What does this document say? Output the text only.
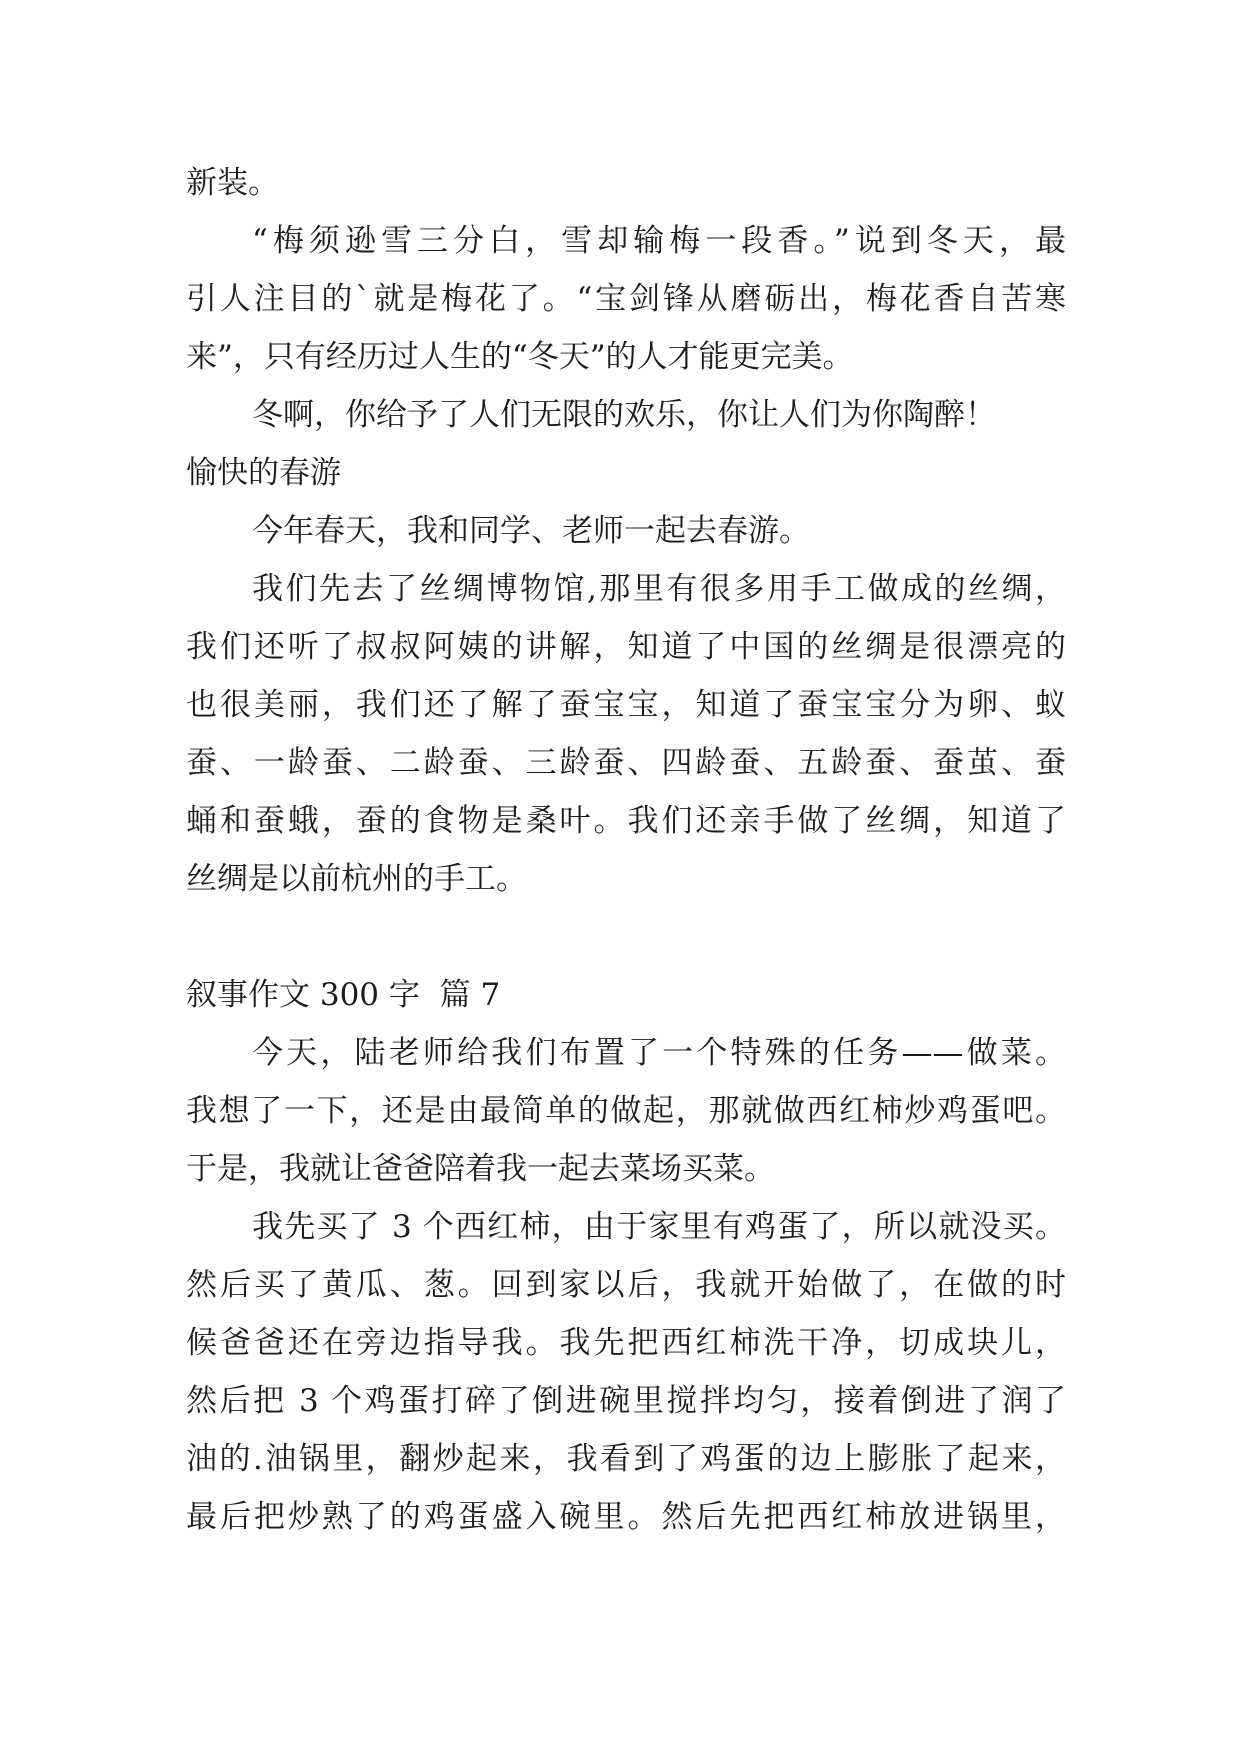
新装。
“梅须逊雪三分白，雪却输梅一段香。”说到冬天，最
引人注目的`就是梅花了。“宝剑锋从磨砺出，梅花香自苦寒
来”，只有经历过人生的“冬天”的人才能更完美。
冬啊，你给予了人们无限的欢乐，你让人们为你陶醉！
愉快的春游
今年春天，我和同学、老师一起去春游。
我们先去了丝绸博物馆,那里有很多用手工做成的丝绸，
我们还听了叔叔阿姨的讲解，知道了中国的丝绸是很漂亮的
也很美丽，我们还了解了蚕宝宝，知道了蚕宝宝分为卵、蚁
蚕、一龄蚕、二龄蚕、三龄蚕、四龄蚕、五龄蚕、蚕茧、蚕
蛹和蚕蛾，蚕的食物是桑叶。我们还亲手做了丝绸，知道了
丝绸是以前杭州的手工。
叙事作文 300 字  篇 7
今天，陆老师给我们布置了一个特殊的任务——做菜。
我想了一下，还是由最简单的做起，那就做西红柿炒鸡蛋吧。
于是，我就让爸爸陪着我一起去菜场买菜。
我先买了 3 个西红柿，由于家里有鸡蛋了，所以就没买。
然后买了黄瓜、葱。回到家以后，我就开始做了，在做的时
候爸爸还在旁边指导我。我先把西红柿洗干净，切成块儿，
然后把 3 个鸡蛋打碎了倒进碗里搅拌均匀，接着倒进了润了
油的.油锅里，翻炒起来，我看到了鸡蛋的边上膨胀了起来，
最后把炒熟了的鸡蛋盛入碗里。然后先把西红柿放进锅里，
